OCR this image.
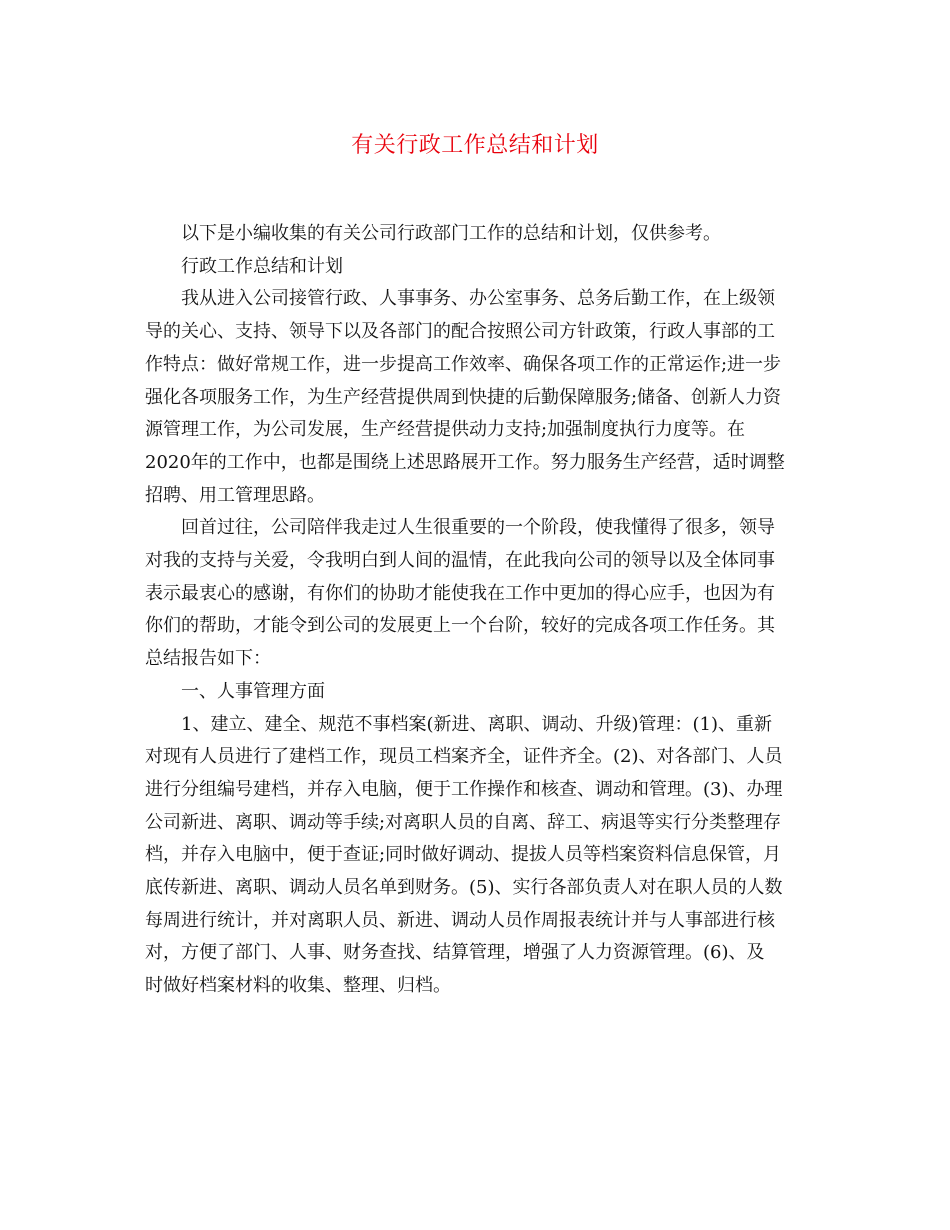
有关行政工作总结和计划
以下是小编收集的有关公司行政部门工作的总结和计划，仅供参考。
行政工作总结和计划
我从进入公司接管行政、人事事务、办公室事务、总务后勤工作，在上级领
导的关心、支持、领导下以及各部门的配合按照公司方针政策，行政人事部的工
作特点：做好常规工作，进一步提高工作效率、确保各项工作的正常运作;进一步
强化各项服务工作，为生产经营提供周到快捷的后勤保障服务;储备、创新人力资
源管理工作，为公司发展，生产经营提供动力支持;加强制度执行力度等。在
2020年的工作中，也都是围绕上述思路展开工作。努力服务生产经营，适时调整
招聘、用工管理思路。
回首过往，公司陪伴我走过人生很重要的一个阶段，使我懂得了很多，领导
对我的支持与关爱，令我明白到人间的温情，在此我向公司的领导以及全体同事
表示最衷心的感谢，有你们的协助才能使我在工作中更加的得心应手，也因为有
你们的帮助，才能令到公司的发展更上一个台阶，较好的完成各项工作任务。其
总结报告如下：
一、人事管理方面
1、建立、建全、规范不事档案(新进、离职、调动、升级)管理：(1)、重新
对现有人员进行了建档工作，现员工档案齐全，证件齐全。(2)、对各部门、人员
进行分组编号建档，并存入电脑，便于工作操作和核查、调动和管理。(3)、办理
公司新进、离职、调动等手续;对离职人员的自离、辞工、病退等实行分类整理存
档，并存入电脑中，便于查证;同时做好调动、提拔人员等档案资料信息保管，月
底传新进、离职、调动人员名单到财务。(5)、实行各部负责人对在职人员的人数
每周进行统计，并对离职人员、新进、调动人员作周报表统计并与人事部进行核
对，方便了部门、人事、财务查找、结算管理，增强了人力资源管理。(6)、及
时做好档案材料的收集、整理、归档。
